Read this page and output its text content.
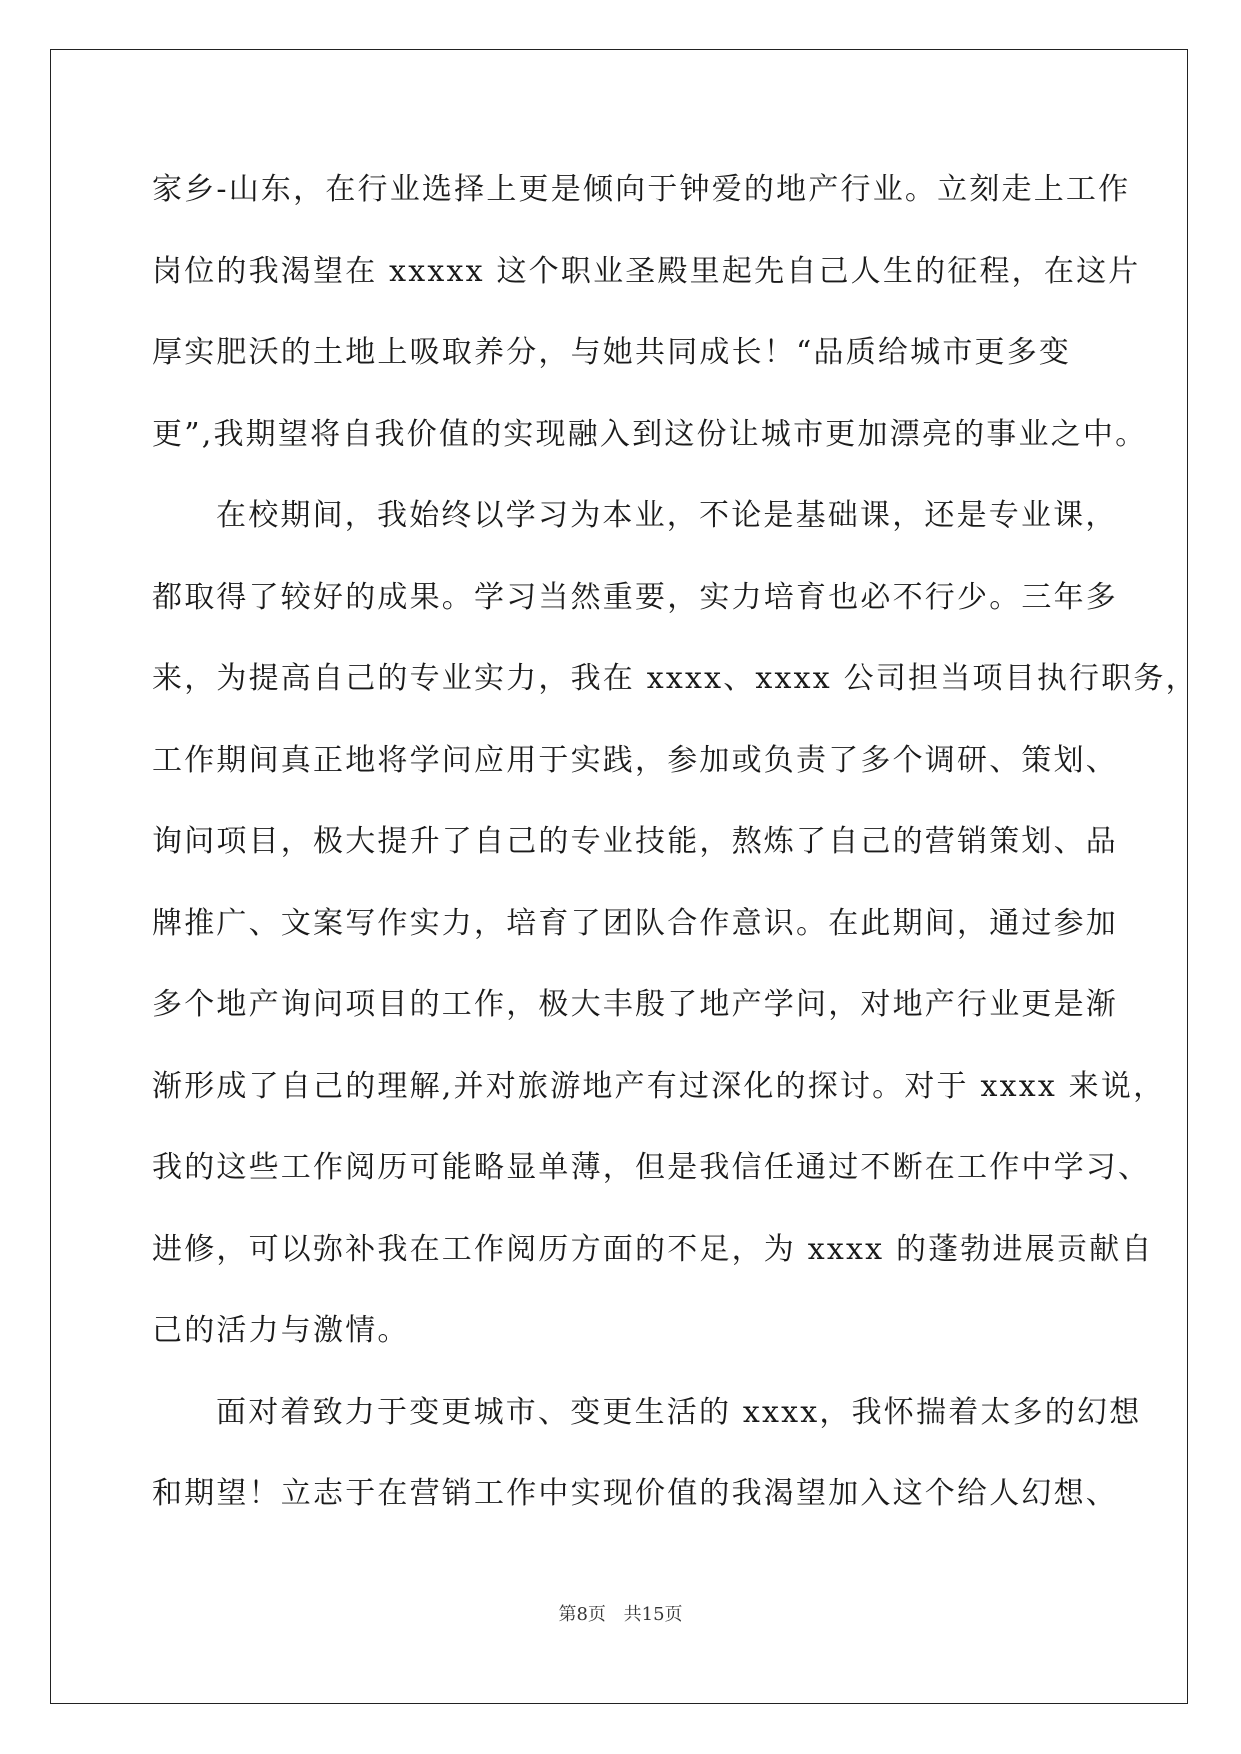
家乡-山东，在行业选择上更是倾向于钟爱的地产行业。立刻走上工作
岗位的我渴望在 xxxxx 这个职业圣殿里起先自己人生的征程，在这片
厚实肥沃的土地上吸取养分，与她共同成长！“品质给城市更多变
更”,我期望将自我价值的实现融入到这份让城市更加漂亮的事业之中。
在校期间，我始终以学习为本业，不论是基础课，还是专业课，
都取得了较好的成果。学习当然重要，实力培育也必不行少。三年多
来，为提高自己的专业实力，我在 xxxx、xxxx 公司担当项目执行职务，
工作期间真正地将学问应用于实践，参加或负责了多个调研、策划、
询问项目，极大提升了自己的专业技能，熬炼了自己的营销策划、品
牌推广、文案写作实力，培育了团队合作意识。在此期间，通过参加
多个地产询问项目的工作，极大丰殷了地产学问，对地产行业更是渐
渐形成了自己的理解,并对旅游地产有过深化的探讨。对于 xxxx 来说，
我的这些工作阅历可能略显单薄，但是我信任通过不断在工作中学习、
进修，可以弥补我在工作阅历方面的不足，为 xxxx 的蓬勃进展贡献自
己的活力与激情。
面对着致力于变更城市、变更生活的 xxxx，我怀揣着太多的幻想
和期望！立志于在营销工作中实现价值的我渴望加入这个给人幻想、
第8页 共15页
